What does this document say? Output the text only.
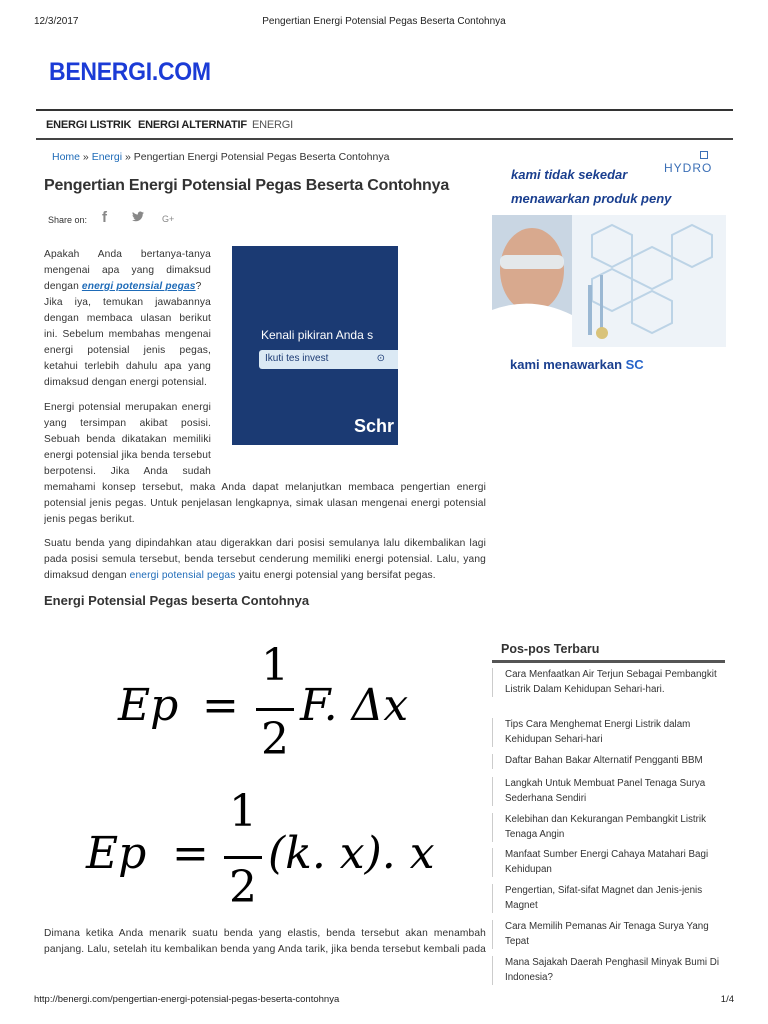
12/3/2017	Pengertian Energi Potensial Pegas Beserta Contohnya
BENERGI.COM
ENERGI LISTRIK ENERGI ALTERNATIF ENERGI
Home » Energi » Pengertian Energi Potensial Pegas Beserta Contohnya
Pengertian Energi Potensial Pegas Beserta Contohnya
Share on: f	G+
Kenali pikiran Anda s
Ikuti tes invest	⊙
Schr
kami tidak sekedar
menawarkan produk peny
HYDRO
kami menawarkan SC
Apakah Anda bertanya-tanya
mengenai apa yang dimaksud
dengan energi potensial pegas?
Jika iya, temukan jawabannya
dengan membaca ulasan berikut
ini. Sebelum membahas mengenai
energi potensial jenis pegas,
ketahui terlebih dahulu apa yang
dimaksud dengan energi potensial.
Energi potensial merupakan energi
yang tersimpan akibat posisi.
Sebuah benda dikatakan memiliki
energi potensial jika benda tersebut
berpotensi. Jika Anda sudah
memahami konsep tersebut, maka Anda dapat melanjutkan membaca pengertian energi
potensial jenis pegas. Untuk penjelasan lengkapnya, simak ulasan mengenai energi potensial
jenis pegas berikut.
Suatu benda yang dipindahkan atau digerakkan dari posisi semulanya lalu dikembalikan lagi
pada posisi semula tersebut, benda tersebut cenderung memiliki energi potensial. Lalu, yang
dimaksud dengan energi potensial pegas yaitu energi potensial yang bersifat pegas.
Energi Potensial Pegas beserta Contohnya
Ep =
1
2
F. Δx
Ep =
1
2
(k. x). x
Dimana ketika Anda menarik suatu benda yang elastis, benda tersebut akan menambah
panjang. Lalu, setelah itu kembalikan benda yang Anda tarik, jika benda tersebut kembali pada
Pos-pos Terbaru
Cara Menfaatkan Air Terjun Sebagai Pembangkit Listrik Dalam Kehidupan Sehari-hari.
Tips Cara Menghemat Energi Listrik dalam Kehidupan Sehari-hari
Daftar Bahan Bakar Alternatif Pengganti BBM
Langkah Untuk Membuat Panel Tenaga Surya Sederhana Sendiri
Kelebihan dan Kekurangan Pembangkit Listrik Tenaga Angin
Manfaat Sumber Energi Cahaya Matahari Bagi Kehidupan
Pengertian, Sifat-sifat Magnet dan Jenis-jenis Magnet
Cara Memilih Pemanas Air Tenaga Surya Yang Tepat
Mana Sajakah Daerah Penghasil Minyak Bumi Di Indonesia?
http://benergi.com/pengertian-energi-potensial-pegas-beserta-contohnya	1/4
